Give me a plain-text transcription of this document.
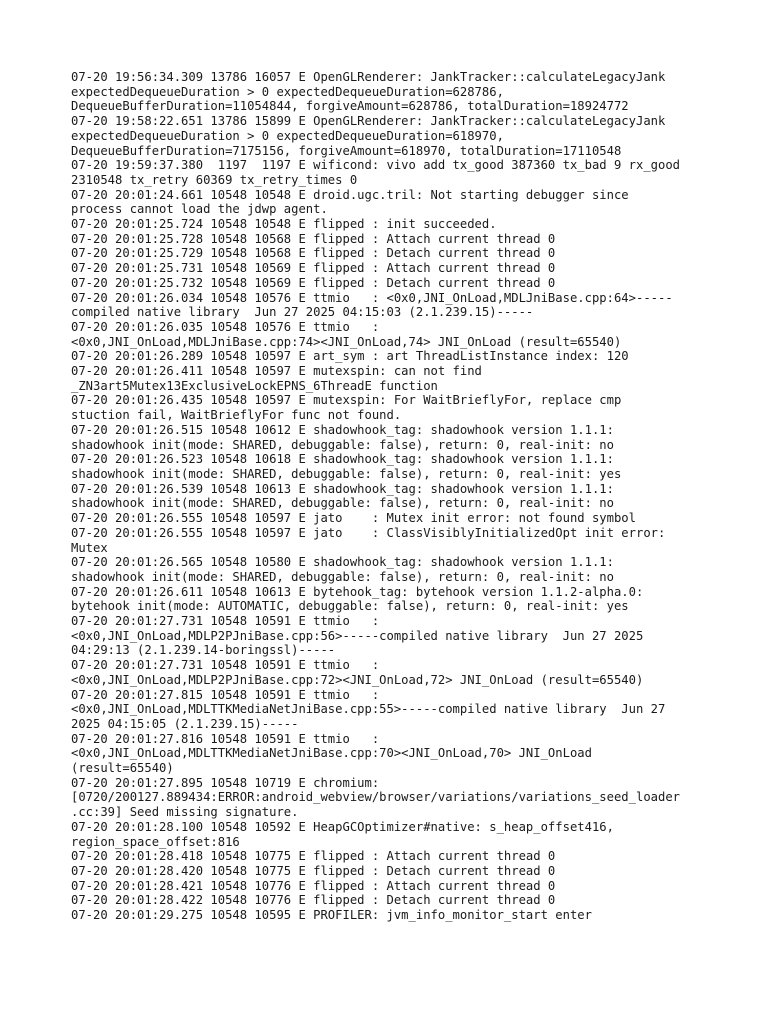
07-20 19:56:34.309 13786 16057 E OpenGLRenderer: JankTracker::calculateLegacyJank
expectedDequeueDuration > 0 expectedDequeueDuration=628786,
DequeueBufferDuration=11054844, forgiveAmount=628786, totalDuration=18924772
07-20 19:58:22.651 13786 15899 E OpenGLRenderer: JankTracker::calculateLegacyJank
expectedDequeueDuration > 0 expectedDequeueDuration=618970,
DequeueBufferDuration=7175156, forgiveAmount=618970, totalDuration=17110548
07-20 19:59:37.380  1197  1197 E wificond: vivo add tx_good 387360 tx_bad 9 rx_good
2310548 tx_retry 60369 tx_retry_times 0
07-20 20:01:24.661 10548 10548 E droid.ugc.tril: Not starting debugger since
process cannot load the jdwp agent.
07-20 20:01:25.724 10548 10548 E flipped : init succeeded.
07-20 20:01:25.728 10548 10568 E flipped : Attach current thread 0
07-20 20:01:25.729 10548 10568 E flipped : Detach current thread 0
07-20 20:01:25.731 10548 10569 E flipped : Attach current thread 0
07-20 20:01:25.732 10548 10569 E flipped : Detach current thread 0
07-20 20:01:26.034 10548 10576 E ttmio   : <0x0,JNI_OnLoad,MDLJniBase.cpp:64>-----
compiled native library  Jun 27 2025 04:15:03 (2.1.239.15)-----
07-20 20:01:26.035 10548 10576 E ttmio   :
<0x0,JNI_OnLoad,MDLJniBase.cpp:74><JNI_OnLoad,74> JNI_OnLoad (result=65540)
07-20 20:01:26.289 10548 10597 E art_sym : art ThreadListInstance index: 120
07-20 20:01:26.411 10548 10597 E mutexspin: can not find
_ZN3art5Mutex13ExclusiveLockEPNS_6ThreadE function
07-20 20:01:26.435 10548 10597 E mutexspin: For WaitBrieflyFor, replace cmp
stuction fail, WaitBrieflyFor func not found.
07-20 20:01:26.515 10548 10612 E shadowhook_tag: shadowhook version 1.1.1:
shadowhook init(mode: SHARED, debuggable: false), return: 0, real-init: no
07-20 20:01:26.523 10548 10618 E shadowhook_tag: shadowhook version 1.1.1:
shadowhook init(mode: SHARED, debuggable: false), return: 0, real-init: yes
07-20 20:01:26.539 10548 10613 E shadowhook_tag: shadowhook version 1.1.1:
shadowhook init(mode: SHARED, debuggable: false), return: 0, real-init: no
07-20 20:01:26.555 10548 10597 E jato    : Mutex init error: not found symbol
07-20 20:01:26.555 10548 10597 E jato    : ClassVisiblyInitializedOpt init error:
Mutex
07-20 20:01:26.565 10548 10580 E shadowhook_tag: shadowhook version 1.1.1:
shadowhook init(mode: SHARED, debuggable: false), return: 0, real-init: no
07-20 20:01:26.611 10548 10613 E bytehook_tag: bytehook version 1.1.2-alpha.0:
bytehook init(mode: AUTOMATIC, debuggable: false), return: 0, real-init: yes
07-20 20:01:27.731 10548 10591 E ttmio   :
<0x0,JNI_OnLoad,MDLP2PJniBase.cpp:56>-----compiled native library  Jun 27 2025
04:29:13 (2.1.239.14-boringssl)-----
07-20 20:01:27.731 10548 10591 E ttmio   :
<0x0,JNI_OnLoad,MDLP2PJniBase.cpp:72><JNI_OnLoad,72> JNI_OnLoad (result=65540)
07-20 20:01:27.815 10548 10591 E ttmio   :
<0x0,JNI_OnLoad,MDLTTKMediaNetJniBase.cpp:55>-----compiled native library  Jun 27
2025 04:15:05 (2.1.239.15)-----
07-20 20:01:27.816 10548 10591 E ttmio   :
<0x0,JNI_OnLoad,MDLTTKMediaNetJniBase.cpp:70><JNI_OnLoad,70> JNI_OnLoad
(result=65540)
07-20 20:01:27.895 10548 10719 E chromium:
[0720/200127.889434:ERROR:android_webview/browser/variations/variations_seed_loader
.cc:39] Seed missing signature.
07-20 20:01:28.100 10548 10592 E HeapGCOptimizer#native: s_heap_offset416,
region_space_offset:816
07-20 20:01:28.418 10548 10775 E flipped : Attach current thread 0
07-20 20:01:28.420 10548 10775 E flipped : Detach current thread 0
07-20 20:01:28.421 10548 10776 E flipped : Attach current thread 0
07-20 20:01:28.422 10548 10776 E flipped : Detach current thread 0
07-20 20:01:29.275 10548 10595 E PROFILER: jvm_info_monitor_start enter
